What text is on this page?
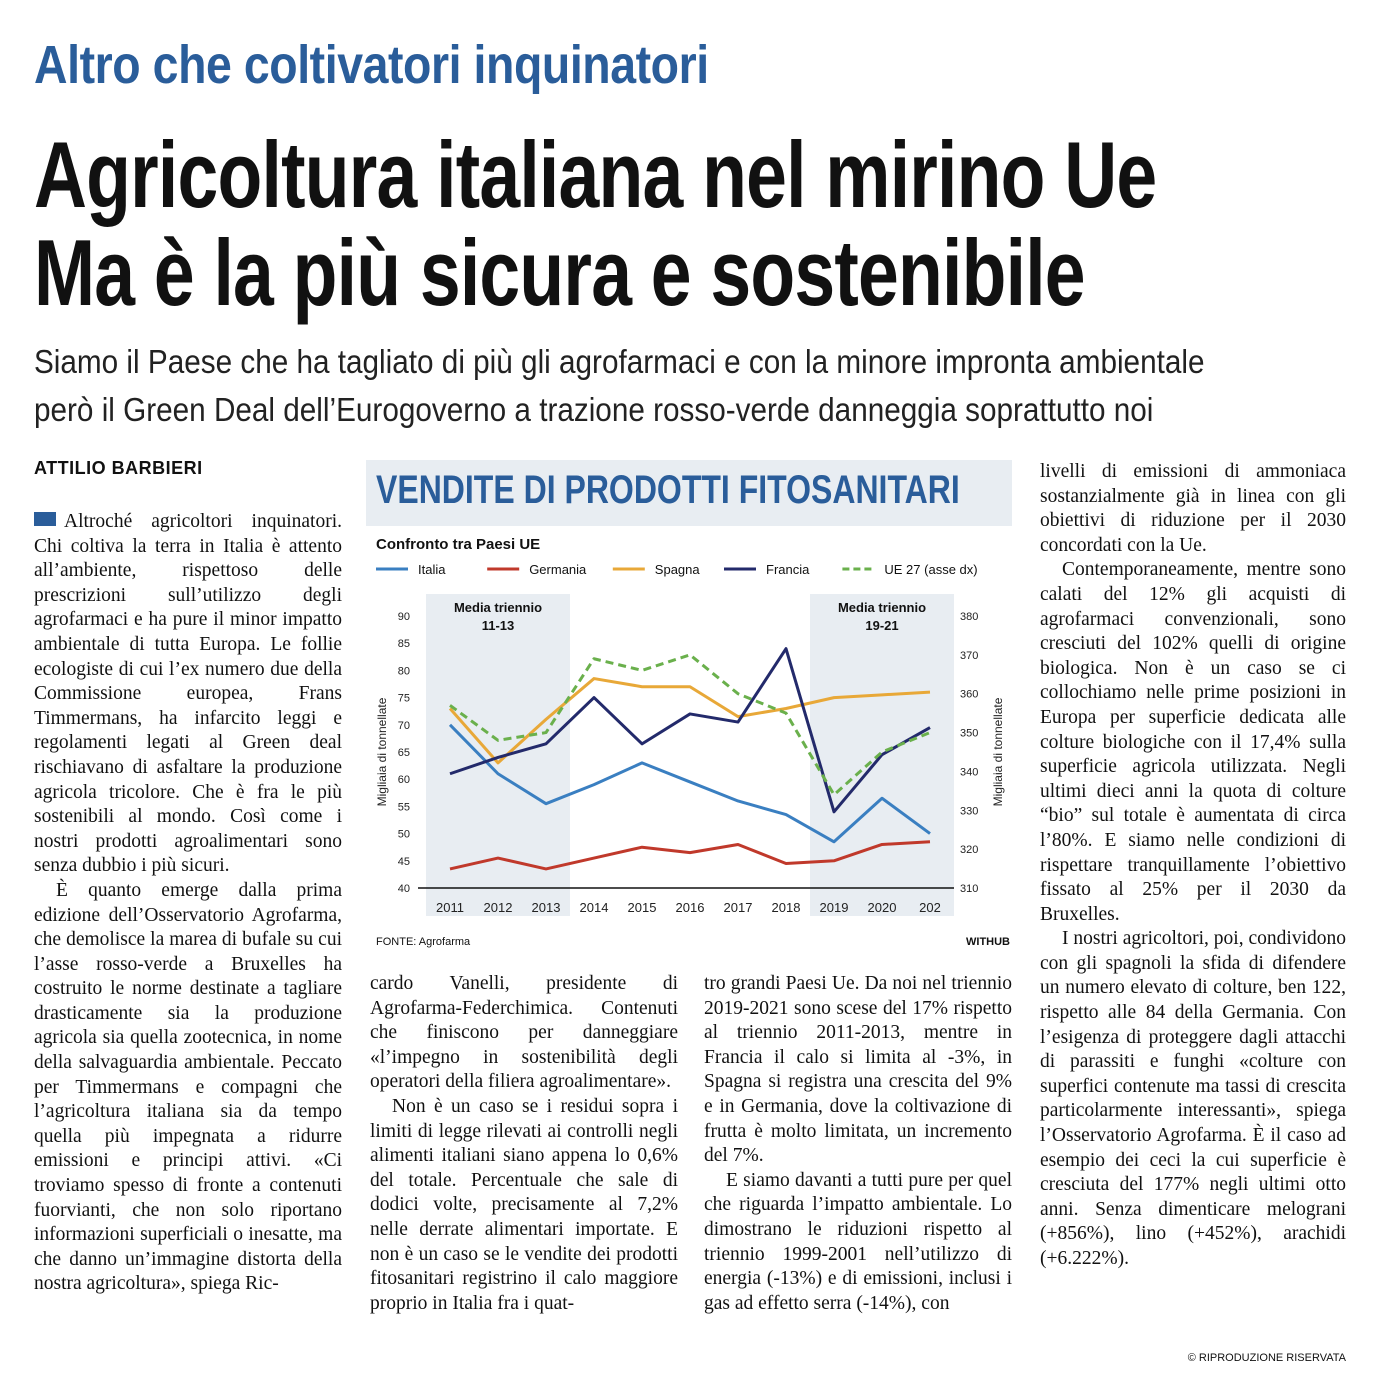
Altro che coltivatori inquinatori
Agricoltura italiana nel mirino Ue
Ma è la più sicura e sostenibile
Siamo il Paese che ha tagliato di più gli agrofarmaci e con la minore impronta ambientale
però il Green Deal dell’Eurogoverno a trazione rosso-verde danneggia soprattutto noi
ATTILIO BARBIERI

Altroché agricoltori inquinatori. Chi coltiva la terra in Italia è attento all’ambiente, rispettoso delle prescrizioni sull’utilizzo degli agrofarmaci e ha pure il minor impatto ambientale di tutta Europa. Le follie ecologiste di cui l’ex numero due della Commissione europea, Frans Timmermans, ha infarcito leggi e regolamenti legati al Green deal rischiavano di asfaltare la produzione agricola tricolore. Che è fra le più sostenibili al mondo. Così come i nostri prodotti agroalimentari sono senza dubbio i più sicuri.

È quanto emerge dalla prima edizione dell’Osservatorio Agrofarma, che demolisce la marea di bufale su cui l’asse rosso-verde a Bruxelles ha costruito le norme destinate a tagliare drasticamente sia la produzione agricola sia quella zootecnica, in nome della salvaguardia ambientale. Peccato per Timmermans e compagni che l’agricoltura italiana sia da tempo quella più impegnata a ridurre emissioni e principi attivi. «Ci troviamo spesso di fronte a contenuti fuorvianti, che non solo riportano informazioni superficiali o inesatte, ma che danno un’immagine distorta della nostra agricoltura», spiega Ric-

VENDITE DI PRODOTTI FITOSANITARI
Confronto tra Paesi UE
Media triennio
11-13
Media triennio
19-21
40
45
50
55
60
65
70
75
80
85
90
310
320
330
340
350
360
370
380
Migliaia di tonnellate	Migliaia di tonnellate
2011 2012 2013 2014 2015 2016 2017 2018 2019 2020 202
Italia	Germania	Spagna	Francia	UE 27 (asse dx)
FONTE: Agrofarma	WITHUB

cardo Vanelli, presidente di Agrofarma-Federchimica. Contenuti che finiscono per danneggiare «l’impegno in sostenibilità degli operatori della filiera agroalimentare».

Non è un caso se i residui sopra i limiti di legge rilevati ai controlli negli alimenti italiani siano appena lo 0,6% del totale. Percentuale che sale di dodici volte, precisamente al 7,2% nelle derrate alimentari importate. E non è un caso se le vendite dei prodotti fitosanitari registrino il calo maggiore proprio in Italia fra i quat-

tro grandi Paesi Ue. Da noi nel triennio 2019-2021 sono scese del 17% rispetto al triennio 2011-2013, mentre in Francia il calo si limita al -3%, in Spagna si registra una crescita del 9% e in Germania, dove la coltivazione di frutta è molto limitata, un incremento del 7%.

E siamo davanti a tutti pure per quel che riguarda l’impatto ambientale. Lo dimostrano le riduzioni rispetto al triennio 1999-2001 nell’utilizzo di energia (-13%) e di emissioni, inclusi i gas ad effetto serra (-14%), con

livelli di emissioni di ammoniaca sostanzialmente già in linea con gli obiettivi di riduzione per il 2030 concordati con la Ue.

Contemporaneamente, mentre sono calati del 12% gli acquisti di agrofarmaci convenzionali, sono cresciuti del 102% quelli di origine biologica. Non è un caso se ci collochiamo nelle prime posizioni in Europa per superficie dedicata alle colture biologiche con il 17,4% sulla superficie agricola utilizzata. Negli ultimi dieci anni la quota di colture “bio” sul totale è aumentata di circa l’80%. E siamo nelle condizioni di rispettare tranquillamente l’obiettivo fissato al 25% per il 2030 da Bruxelles.

I nostri agricoltori, poi, condividono con gli spagnoli la sfida di difendere un numero elevato di colture, ben 122, rispetto alle 84 della Germania. Con l’esigenza di proteggere dagli attacchi di parassiti e funghi «colture con superfici contenute ma tassi di crescita particolarmente interessanti», spiega l’Osservatorio Agrofarma. È il caso ad esempio dei ceci la cui superficie è cresciuta del 177% negli ultimi otto anni. Senza dimenticare melograni (+856%), lino (+452%), arachidi (+6.222%).

© RIPRODUZIONE RISERVATA
